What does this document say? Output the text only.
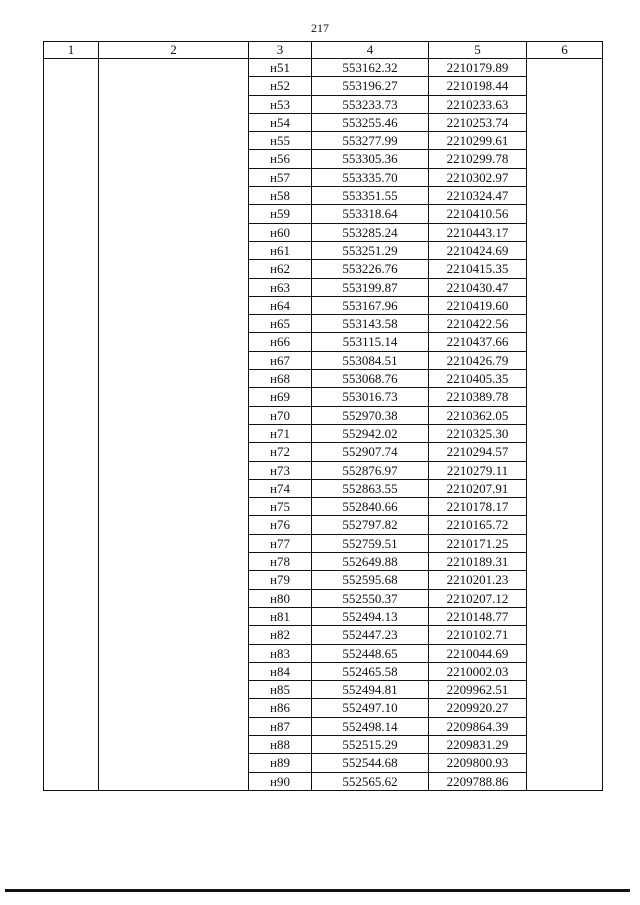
217
1	2	3	4	5	6
		н51	553162.32	2210179.89	
		н52	553196.27	2210198.44	
		н53	553233.73	2210233.63	
		н54	553255.46	2210253.74	
		н55	553277.99	2210299.61	
		н56	553305.36	2210299.78	
		н57	553335.70	2210302.97	
		н58	553351.55	2210324.47	
		н59	553318.64	2210410.56	
		н60	553285.24	2210443.17	
		н61	553251.29	2210424.69	
		н62	553226.76	2210415.35	
		н63	553199.87	2210430.47	
		н64	553167.96	2210419.60	
		н65	553143.58	2210422.56	
		н66	553115.14	2210437.66	
		н67	553084.51	2210426.79	
		н68	553068.76	2210405.35	
		н69	553016.73	2210389.78	
		н70	552970.38	2210362.05	
		н71	552942.02	2210325.30	
		н72	552907.74	2210294.57	
		н73	552876.97	2210279.11	
		н74	552863.55	2210207.91	
		н75	552840.66	2210178.17	
		н76	552797.82	2210165.72	
		н77	552759.51	2210171.25	
		н78	552649.88	2210189.31	
		н79	552595.68	2210201.23	
		н80	552550.37	2210207.12	
		н81	552494.13	2210148.77	
		н82	552447.23	2210102.71	
		н83	552448.65	2210044.69	
		н84	552465.58	2210002.03	
		н85	552494.81	2209962.51	
		н86	552497.10	2209920.27	
		н87	552498.14	2209864.39	
		н88	552515.29	2209831.29	
		н89	552544.68	2209800.93	
		н90	552565.62	2209788.86	
